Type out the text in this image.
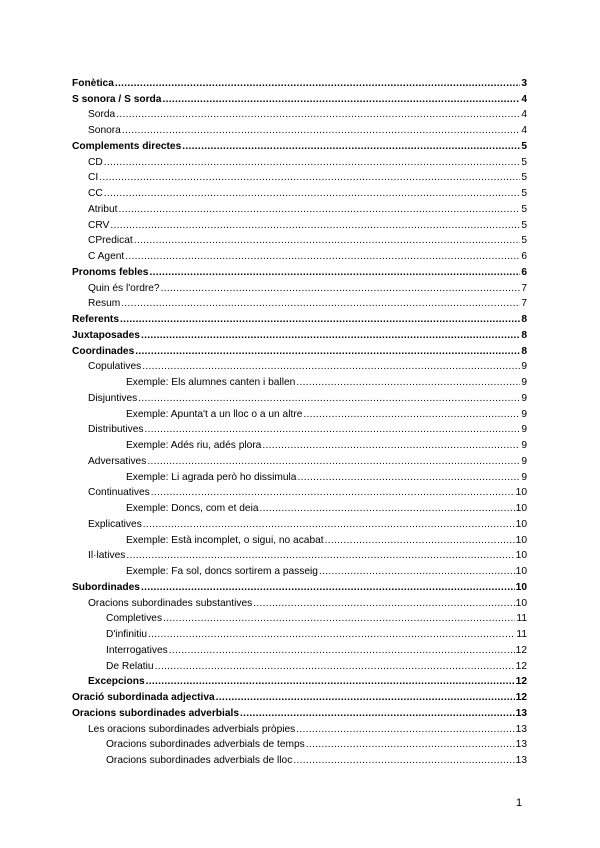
Fonètica .....	3
S sonora / S sorda .....	4
Sorda .....	4
Sonora .....	4
Complements directes .....	5
CD .....	5
CI .....	5
CC .....	5
Atribut .....	5
CRV .....	5
CPredicat .....	5
C Agent .....	6
Pronoms febles .....	6
Quin és l'ordre? .....	7
Resum .....	7
Referents .....	8
Juxtaposades .....	8
Coordinades .....	8
Copulatives .....	9
Exemple: Els alumnes canten i ballen .....	9
Disjuntives .....	9
Exemple: Apunta't a un lloc o a un altre .....	9
Distributives .....	9
Exemple: Adés riu, adés plora .....	9
Adversatives .....	9
Exemple: Li agrada però ho dissimula .....	9
Continuatives .....	10
Exemple: Doncs, com et deia .....	10
Explicatives .....	10
Exemple: Està incomplet, o sigui, no acabat .....	10
Il·latives .....	10
Exemple: Fa sol, doncs sortirem a passeig .....	10
Subordinades .....	10
Oracions subordinades substantives .....	10
Completives .....	11
D'infinitiu .....	11
Interrogatives .....	12
De Relatiu .....	12
Excepcions .....	12
Oració subordinada adjectiva .....	12
Oracions subordinades adverbials .....	13
Les oracions subordinades adverbials pròpies .....	13
Oracions subordinades adverbials de temps .....	13
Oracions subordinades adverbials de lloc .....	13
1
